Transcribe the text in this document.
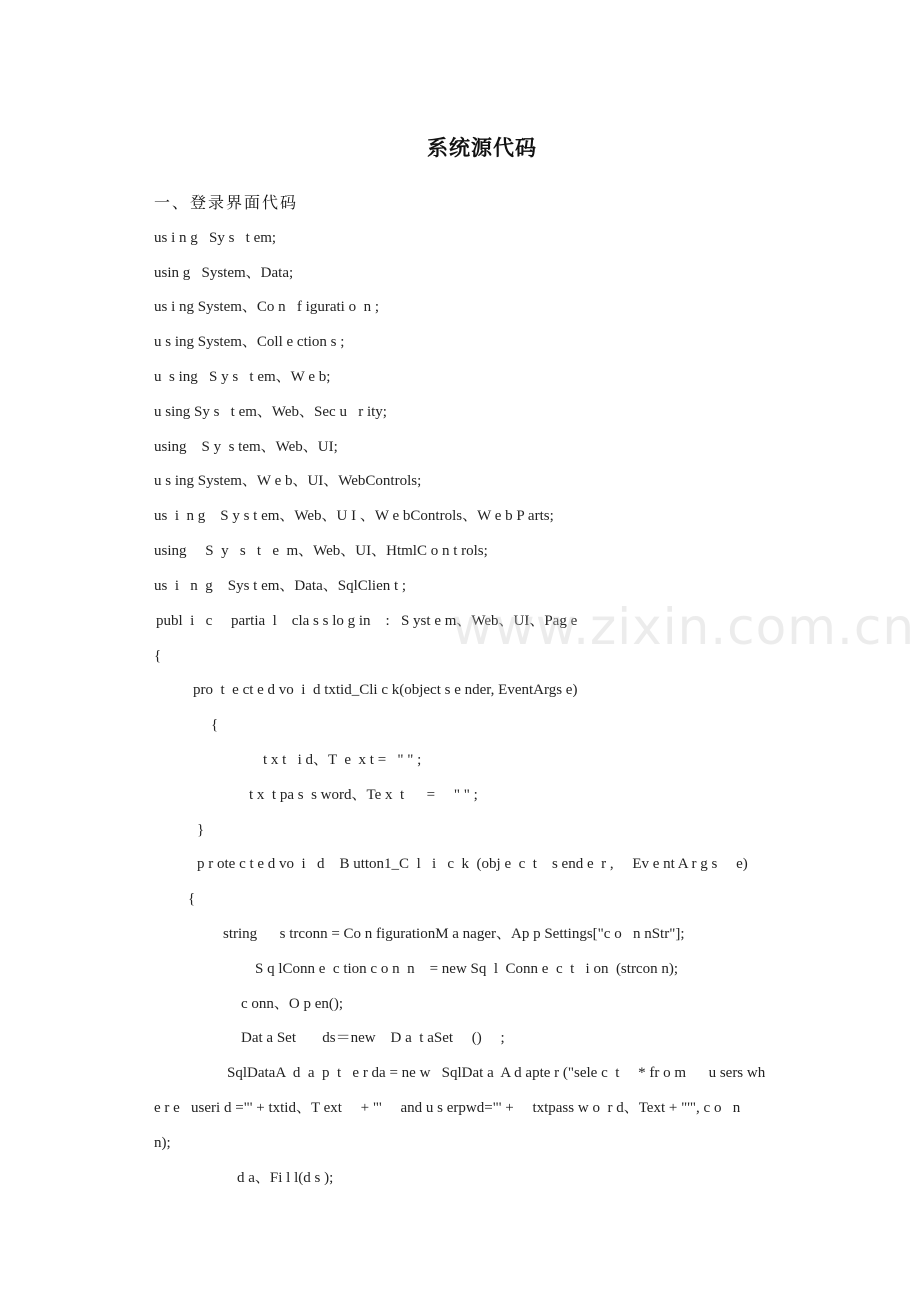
系统源代码
一、登录界面代码
us i n g   Sy s   t em;
usin g   System、Data;
us i ng System、Co n   f igurati o  n ;
u s ing System、Coll e ction s ;
u  s ing   S y s   t em、W e b;
u sing Sy s   t em、Web、Sec u   r ity;
using    S y  s tem、Web、UI;
u s ing System、W e b、UI、WebControls;
us  i  n g    S y s t em、Web、U I 、W e bControls、W e b P arts;
using     S  y   s   t   e  m、Web、UI、HtmlC o n t rols;
us  i   n  g    Sys t em、Data、SqlClien t ;
publ  i   c     partia  l    cla s s lo g in    :   S yst e m、Web、UI、Pag e
{
pro  t  e ct e d vo  i  d txtid_Cli c k(object s e nder, EventArgs e)
{
t x t   i d、T  e  x t =   " " ;
t x  t pa s  s word、Te x  t      =     " " ;
}
p r ote c t e d vo  i   d    B utton1_C  l   i   c  k  (obj e  c  t    s end e  r ,     Ev e nt A r g s     e)
{
string      s trconn = Co n figurationM a nager、Ap p Settings["c o   n nStr"];
S q lConn e  c tion c o n  n    = new Sq  l  Conn e  c  t   i on  (strcon n);
c onn、O p en();
Dat a Set       ds＝new    D a  t aSet     ()     ;
SqlDataA  d  a  p  t   e r da = ne w   SqlDat a  A d apte r ("sele c  t     * fr o m      u sers wh
e r e   useri d ="' + txtid、T ext     + "'     and u s erpwd="' +     txtpass w o  r d、Text + "'", c o   n
n);
d a、Fi l l(d s );
www.zixin.com.cn
